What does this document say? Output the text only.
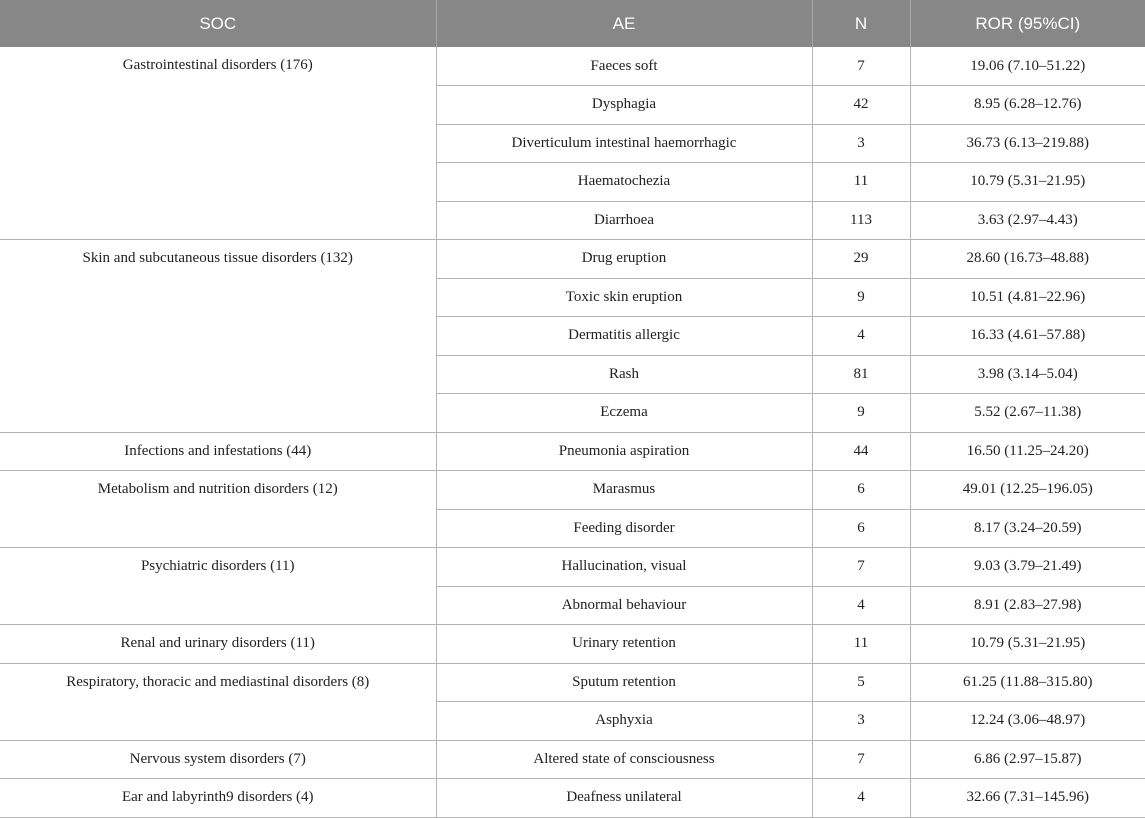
SOC	AE	N	ROR (95%CI)
Gastrointestinal disorders (176)	Faeces soft	7	19.06 (7.10–51.22)
	Dysphagia	42	8.95 (6.28–12.76)
	Diverticulum intestinal haemorrhagic	3	36.73 (6.13–219.88)
	Haematochezia	11	10.79 (5.31–21.95)
	Diarrhoea	113	3.63 (2.97–4.43)
Skin and subcutaneous tissue disorders (132)	Drug eruption	29	28.60 (16.73–48.88)
	Toxic skin eruption	9	10.51 (4.81–22.96)
	Dermatitis allergic	4	16.33 (4.61–57.88)
	Rash	81	3.98 (3.14–5.04)
	Eczema	9	5.52 (2.67–11.38)
Infections and infestations (44)	Pneumonia aspiration	44	16.50 (11.25–24.20)
Metabolism and nutrition disorders (12)	Marasmus	6	49.01 (12.25–196.05)
	Feeding disorder	6	8.17 (3.24–20.59)
Psychiatric disorders (11)	Hallucination, visual	7	9.03 (3.79–21.49)
	Abnormal behaviour	4	8.91 (2.83–27.98)
Renal and urinary disorders (11)	Urinary retention	11	10.79 (5.31–21.95)
Respiratory, thoracic and mediastinal disorders (8)	Sputum retention	5	61.25 (11.88–315.80)
	Asphyxia	3	12.24 (3.06–48.97)
Nervous system disorders (7)	Altered state of consciousness	7	6.86 (2.97–15.87)
Ear and labyrinth9 disorders (4)	Deafness unilateral	4	32.66 (7.31–145.96)
